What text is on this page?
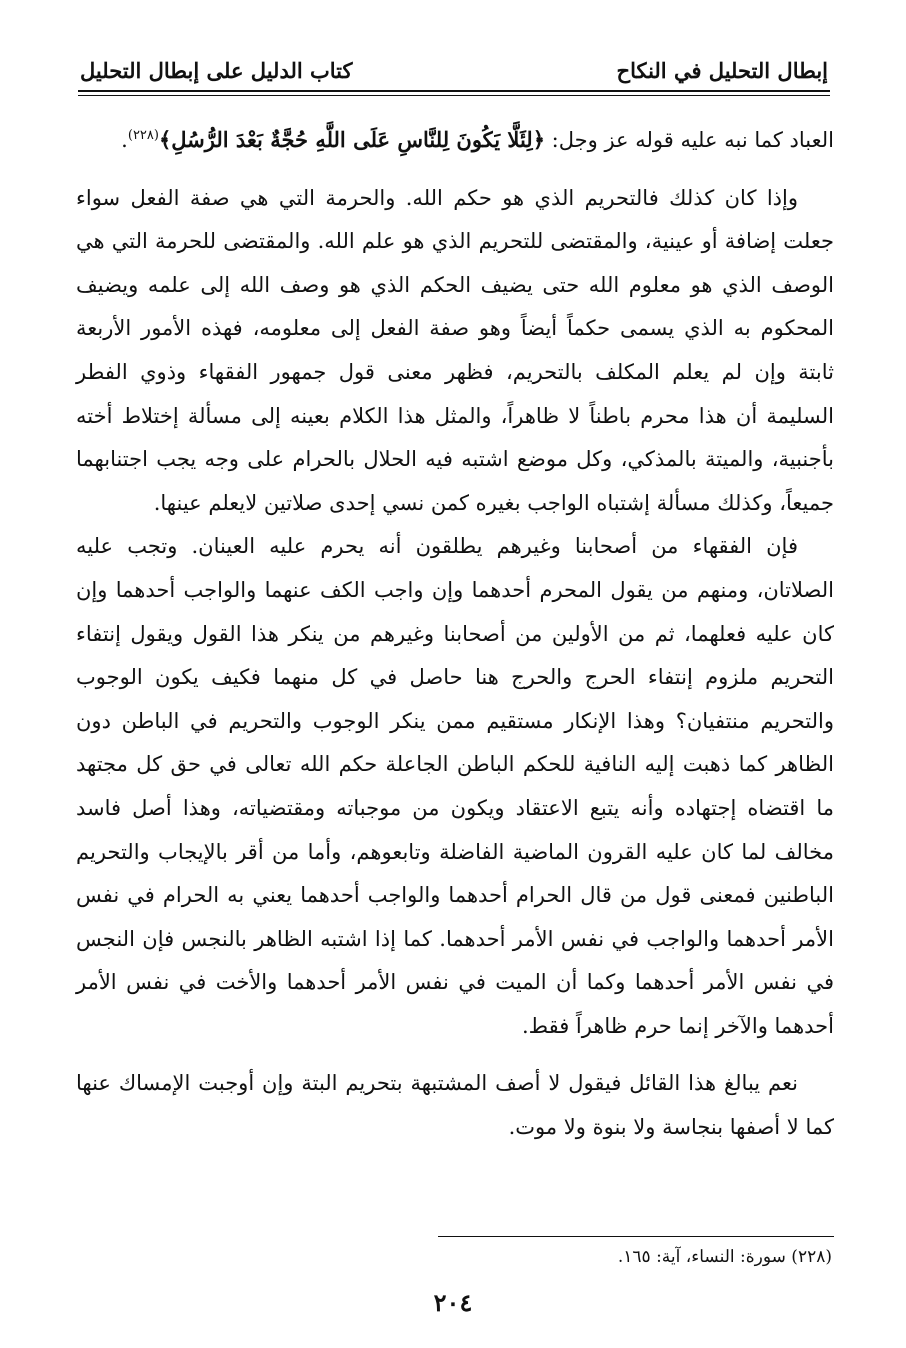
إبطال التحليل في النكاح
كتاب الدليل على إبطال التحليل

العباد كما نبه عليه قوله عز وجل: ﴿لِئَلَّا يَكُونَ لِلنَّاسِ عَلَى اللَّهِ حُجَّةٌ بَعْدَ الرُّسُلِ﴾$^{(٢٢٨)}$.

وإذا كان كذلك فالتحريم الذي هو حكم الله. والحرمة التي هي صفة الفعل سواء جعلت إضافة أو عينية، والمقتضى للتحريم الذي هو علم الله. والمقتضى للحرمة التي هي الوصف الذي هو معلوم الله حتى يضيف الحكم الذي هو وصف الله إلى علمه ويضيف المحكوم به الذي يسمى حكماً أيضاً وهو صفة الفعل إلى معلومه، فهذه الأمور الأربعة ثابتة وإن لم يعلم المكلف بالتحريم، فظهر معنى قول جمهور الفقهاء وذوي الفطر السليمة أن هذا محرم باطناً لا ظاهراً، والمثل هذا الكلام بعينه إلى مسألة إختلاط أخته بأجنبية، والميتة بالمذكي، وكل موضع اشتبه فيه الحلال بالحرام على وجه يجب اجتنابهما جميعاً، وكذلك مسألة إشتباه الواجب بغيره كمن نسي إحدى صلاتين لايعلم عينها.

فإن الفقهاء من أصحابنا وغيرهم يطلقون أنه يحرم عليه العينان. وتجب عليه الصلاتان، ومنهم من يقول المحرم أحدهما وإن واجب الكف عنهما والواجب أحدهما وإن كان عليه فعلهما، ثم من الأولين من أصحابنا وغيرهم من ينكر هذا القول ويقول إنتفاء التحريم ملزوم إنتفاء الحرج والحرج هنا حاصل في كل منهما فكيف يكون الوجوب والتحريم منتفيان؟ وهذا الإنكار مستقيم ممن ينكر الوجوب والتحريم في الباطن دون الظاهر كما ذهبت إليه النافية للحكم الباطن الجاعلة حكم الله تعالى في حق كل مجتهد ما اقتضاه إجتهاده وأنه يتبع الاعتقاد ويكون من موجباته ومقتضياته، وهذا أصل فاسد مخالف لما كان عليه القرون الماضية الفاضلة وتابعوهم، وأما من أقر بالإيجاب والتحريم الباطنين فمعنى قول من قال الحرام أحدهما والواجب أحدهما يعني به الحرام في نفس الأمر أحدهما والواجب في نفس الأمر أحدهما. كما إذا اشتبه الظاهر بالنجس فإن النجس في نفس الأمر أحدهما وكما أن الميت في نفس الأمر أحدهما والأخت في نفس الأمر أحدهما والآخر إنما حرم ظاهراً فقط.

نعم يبالغ هذا القائل فيقول لا أصف المشتبهة بتحريم البتة وإن أوجبت الإمساك عنها كما لا أصفها بنجاسة ولا بنوة ولا موت.

(٢٢٨) سورة: النساء، آية: ١٦٥.
٢٠٤
